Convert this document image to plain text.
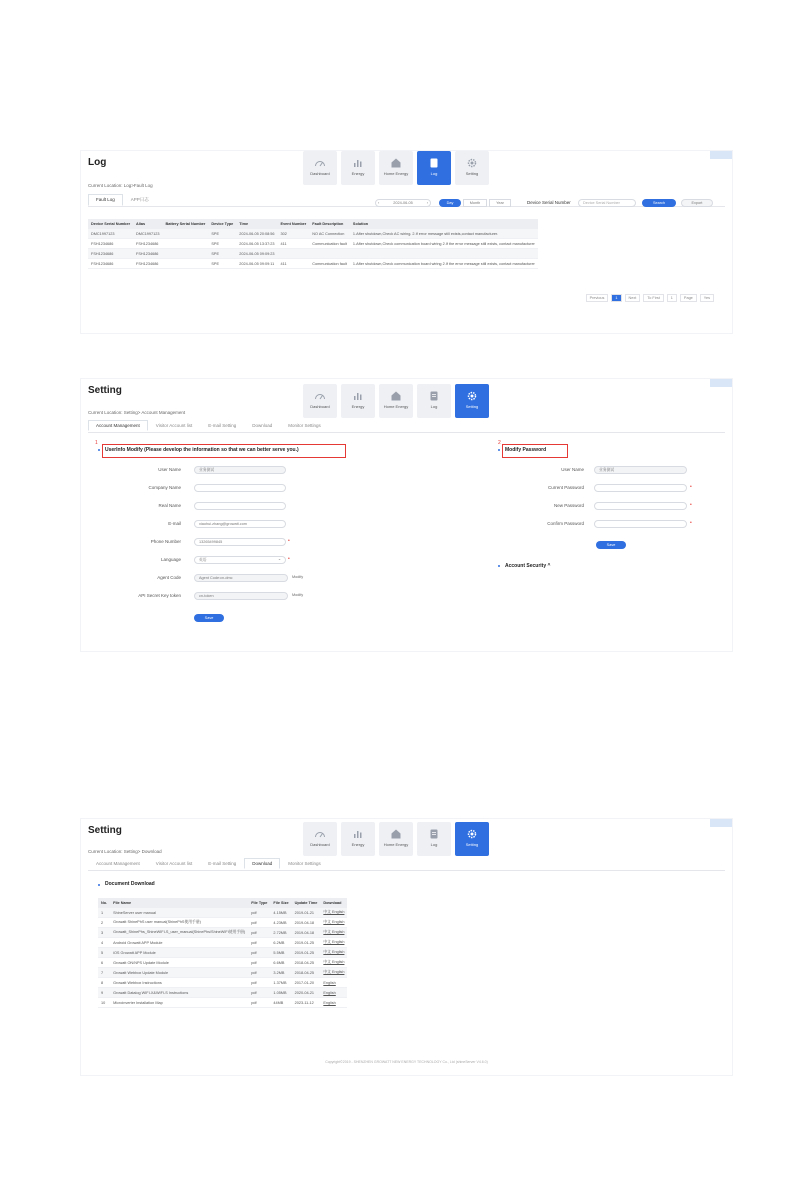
Log
Dashboard	Energy	Home Energy	Log	Setting
Current Location: Log>Fault Log
Fault Log	APP日志
‹	2024-06-05	›	Day	Month	Year	Device Serial Number	Device Serial Number	Search	Export
Device Serial Number	Alias	Battery Serial Number	Device Type	Time	Event Number	Fault Description	Solution
DMC1997123	DMC1997123		SPE	2024-06-05 20:08:56	302	NO AC Connection	1.After shutdown,Check AC wiring. 2.If error message still exists,contact manufacturer.
FSH1234686	FSH1234686		SPE	2024-06-05 13:37:23	411	Communication fault	1.After shutdown,Check communication board wiring 2.If the error message still exists, contact manufacturer
FSH1234686	FSH1234686		SPE	2024-06-05 09:09:23			
FSH1234686	FSH1234686		SPE	2024-06-05 09:09:11	411	Communication fault	1.After shutdown,Check communication board wiring 2.If the error message still exists, contact manufacturer
Previous	1	Next	To First	1	Page	Yes
Setting
Dashboard	Energy	Home Energy	Log	Setting
Current Location: Setting> Account Management
Account Management	Visitor Account list	E-mail Setting	Download	Monitor Settings
1
UserInfo Modify (Please develop the information so that we can better serve you.)
User Name	业务测试
Company Name
Real Name
E-mail	xiaohui.zhang@growatt.com
Phone Number	13265499845	•
Language	英语	⌄ •
Agent Code	Agent Code:cn-dmc	Modify
API Secret Key token	cn-token	Modify
Save
2
Modify Password
User Name	业务测试
Current Password	•
New Password	•
Confirm Password	•
Save
Account Security ^
Setting
Dashboard	Energy	Home Energy	Log	Setting
Current Location: Setting> Download
Account Management	Visitor Account list	E-mail Setting	Download	Monitor Settings
Document Download
No.	File Name	File Type	File Size	Update Time	Download
1	ShineServer user manual	pdf	4.15MB	2019-01-21	中文 English
2	Growatt ShinePhS user manual(ShinePhS使用手册)	pdf	4.23MB	2019-04-18	中文 English
3	Growatt_ShinePhs_ShineWIFI-S_user_manual(ShinePhs/ShineWIFI使用手册)	pdf	2.72MB	2019-04-18	中文 English
4	Android Growatt APP Module	pdf	6.2MB	2019-01-25	中文 English
5	iOS Growatt APP Module	pdf	5.5MB	2019-01-25	中文 English
6	Growatt ON/NPS Update Module	pdf	6.6MB	2018-04-25	中文 English
7	Growatt Webbox Update Module	pdf	3.2MB	2018-04-25	中文 English
8	Growatt Webbox Instructions	pdf	1.37MB	2017-01-20	English
9	Growatt Datalog WIFI-X&WIFI-S Instructions	pdf	1.05MB	2020-04-21	English
10	Microinverter Installation Map	pdf	44MB	2023-11-12	English
Copyright©2019 - SHENZHEN GROWATT NEW ENERGY TECHNOLOGY Co., Ltd (shineServer V4.6.0)
